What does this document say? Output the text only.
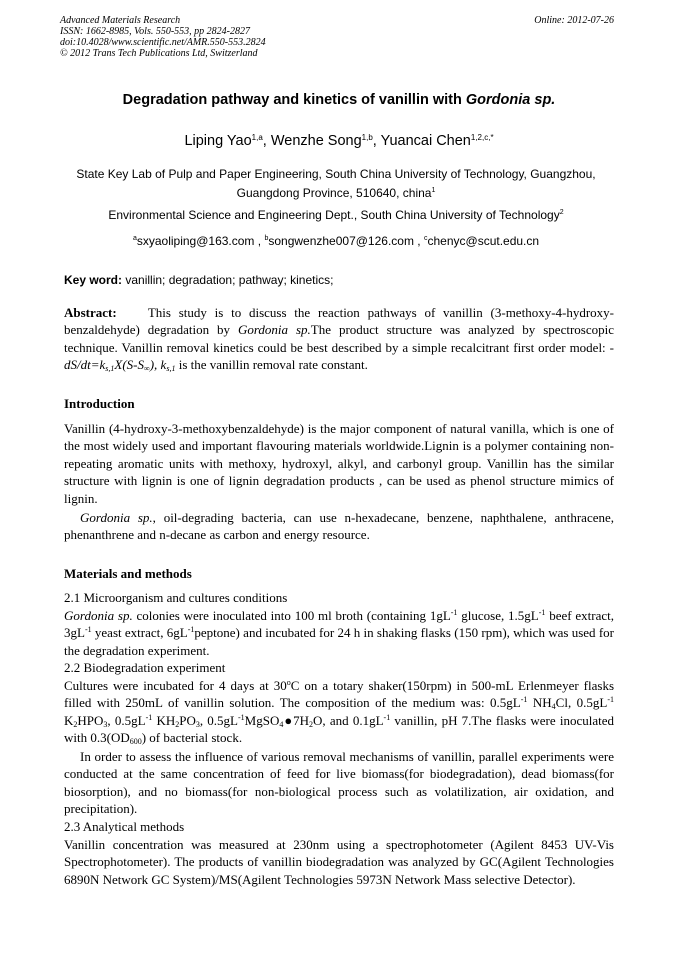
Advanced Materials Research
ISSN: 1662-8985, Vols. 550-553, pp 2824-2827
doi:10.4028/www.scientific.net/AMR.550-553.2824
© 2012 Trans Tech Publications Ltd, Switzerland
Online: 2012-07-26
Degradation pathway and kinetics of vanillin with Gordonia sp.
Liping Yao$^{1,a}$, Wenzhe Song$^{1,b}$, Yuancai Chen$^{1,2,c,*}$
State Key Lab of Pulp and Paper Engineering, South China University of Technology, Guangzhou,
Guangdong Province, 510640, china$^1$
Environmental Science and Engineering Dept., South China University of Technology$^2$
$^a$sxyaoliping@163.com , $^b$songwenzhe007@126.com , $^c$chenyc@scut.edu.cn
Key word: vanillin; degradation; pathway; kinetics;
Abstract: This study is to discuss the reaction pathways of vanillin (3-methoxy-4-hydroxy-benzaldehyde) degradation by Gordonia sp.The product structure was analyzed by spectroscopic technique. Vanillin removal kinetics could be best described by a simple recalcitrant first order model: $-dS/dt=k_{s,1}X(S-S_\infty)$, $k_{s,1}$ is the vanillin removal rate constant.
Introduction
Vanillin (4-hydroxy-3-methoxybenzaldehyde) is the major component of natural vanilla, which is one of the most widely used and important flavouring materials worldwide.Lignin is a polymer containing non-repeating aromatic units with methoxy, hydroxyl, alkyl, and carbonyl group. Vanillin has the similar structure with lignin is one of lignin degradation products , can be used as phenol structure mimics of lignin.
Gordonia sp., oil-degrading bacteria, can use n-hexadecane, benzene, naphthalene, anthracene, phenanthrene and n-decane as carbon and energy resource.
Materials and methods
2.1 Microorganism and cultures conditions
Gordonia sp. colonies were inoculated into 100 ml broth (containing $1gL^{-1}$ glucose, $1.5gL^{-1}$ beef extract, $3gL^{-1}$ yeast extract, $6gL^{-1}peptone$) and incubated for 24 h in shaking flasks (150 rpm), which was used for the degradation experiment.
2.2 Biodegradation experiment
Cultures were incubated for 4 days at 30$^o$C on a totary shaker(150rpm) in 500-mL Erlenmeyer flasks filled with 250mL of vanillin solution. The composition of the medium was: $0.5gL^{-1}$ $NH_4Cl$, $0.5gL^{-1}$ $K_2HPO_3$, $0.5gL^{-1}$ $KH_2PO_3$, $0.5gL^{-1}MgSO_4●7H_2O$, and $0.1gL^{-1}$ vanillin, pH 7.The flasks were inoculated with $0.3(OD_{600})$ of bacterial stock.
In order to assess the influence of various removal mechanisms of vanillin, parallel experiments were conducted at the same concentration of feed for live biomass(for biodegradation), dead biomass(for biosorption), and no biomass(for non-biological process such as volatilization, air oxidation, and precipitation).
2.3 Analytical methods
Vanillin concentration was measured at 230nm using a spectrophotometer (Agilent 8453 UV-Vis Spectrophotometer). The products of vanillin biodegradation was analyzed by GC(Agilent Technologies 6890N Network GC System)/MS(Agilent Technologies 5973N Network Mass selective Detector).
